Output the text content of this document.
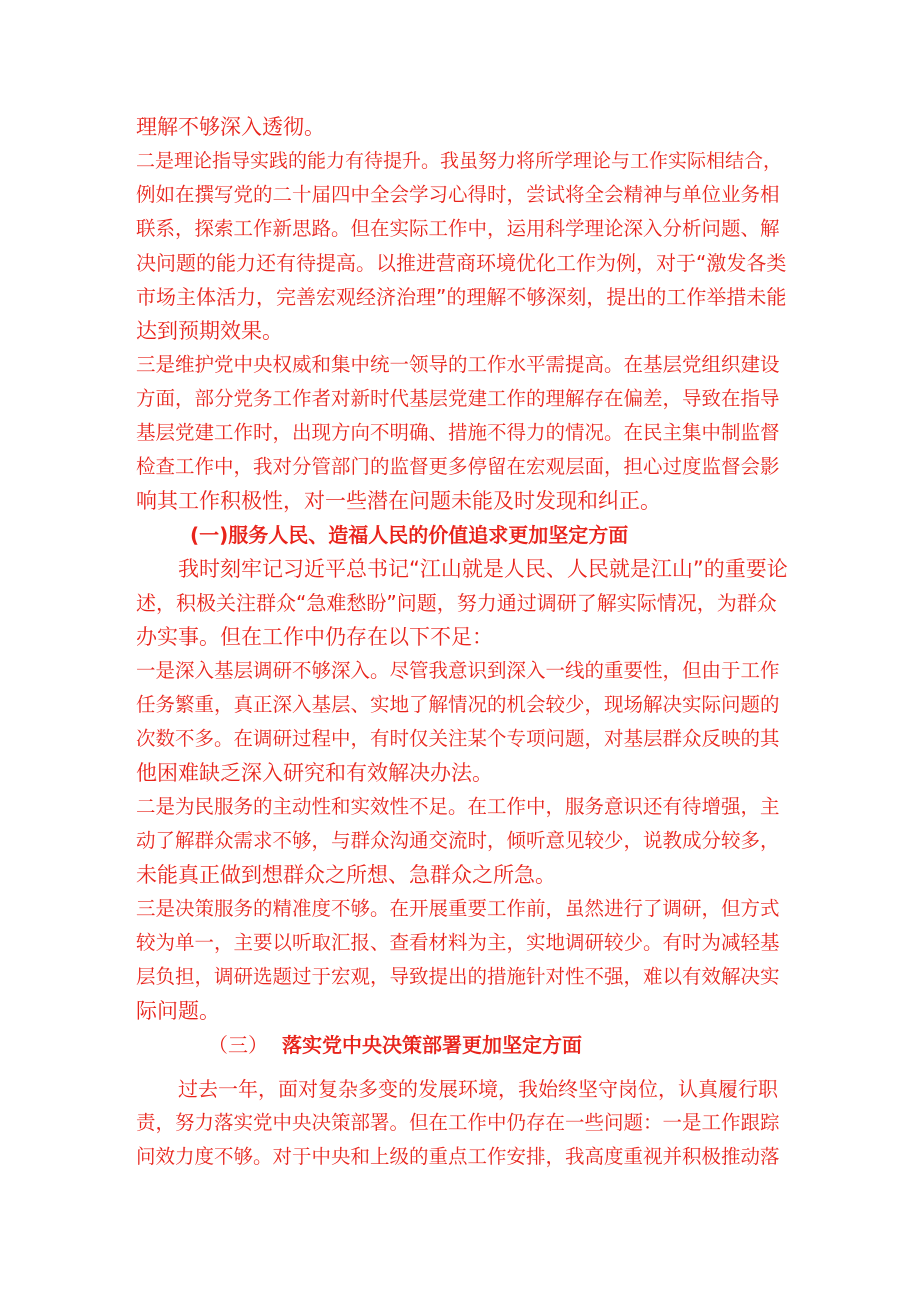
理解不够深入透彻。

二是理论指导实践的能力有待提升。我虽努力将所学理论与工作实际相结合，

例如在撰写党的二十届四中全会学习心得时，尝试将全会精神与单位业务相

联系，探索工作新思路。但在实际工作中，运用科学理论深入分析问题、解

决问题的能力还有待提高。以推进营商环境优化工作为例，对于“激发各类

市场主体活力，完善宏观经济治理”的理解不够深刻，提出的工作举措未能

达到预期效果。

三是维护党中央权威和集中统一领导的工作水平需提高。在基层党组织建设

方面，部分党务工作者对新时代基层党建工作的理解存在偏差，导致在指导

基层党建工作时，出现方向不明确、措施不得力的情况。在民主集中制监督

检查工作中，我对分管部门的监督更多停留在宏观层面，担心过度监督会影

响其工作积极性，对一些潜在问题未能及时发现和纠正。

(一)服务人民、造福人民的价值追求更加坚定方面

我时刻牢记习近平总书记“江山就是人民、人民就是江山”的重要论

述，积极关注群众“急难愁盼”问题，努力通过调研了解实际情况，为群众

办实事。但在工作中仍存在以下不足：

一是深入基层调研不够深入。尽管我意识到深入一线的重要性，但由于工作

任务繁重，真正深入基层、实地了解情况的机会较少，现场解决实际问题的

次数不多。在调研过程中，有时仅关注某个专项问题，对基层群众反映的其

他困难缺乏深入研究和有效解决办法。

二是为民服务的主动性和实效性不足。在工作中，服务意识还有待增强，主

动了解群众需求不够，与群众沟通交流时，倾听意见较少，说教成分较多，

未能真正做到想群众之所想、急群众之所急。

三是决策服务的精准度不够。在开展重要工作前，虽然进行了调研，但方式

较为单一，主要以听取汇报、查看材料为主，实地调研较少。有时为减轻基

层负担，调研选题过于宏观，导致提出的措施针对性不强，难以有效解决实

际问题。

（三） 落实党中央决策部署更加坚定方面

过去一年，面对复杂多变的发展环境，我始终坚守岗位，认真履行职

责，努力落实党中央决策部署。但在工作中仍存在一些问题：一是工作跟踪

问效力度不够。对于中央和上级的重点工作安排，我高度重视并积极推动落
